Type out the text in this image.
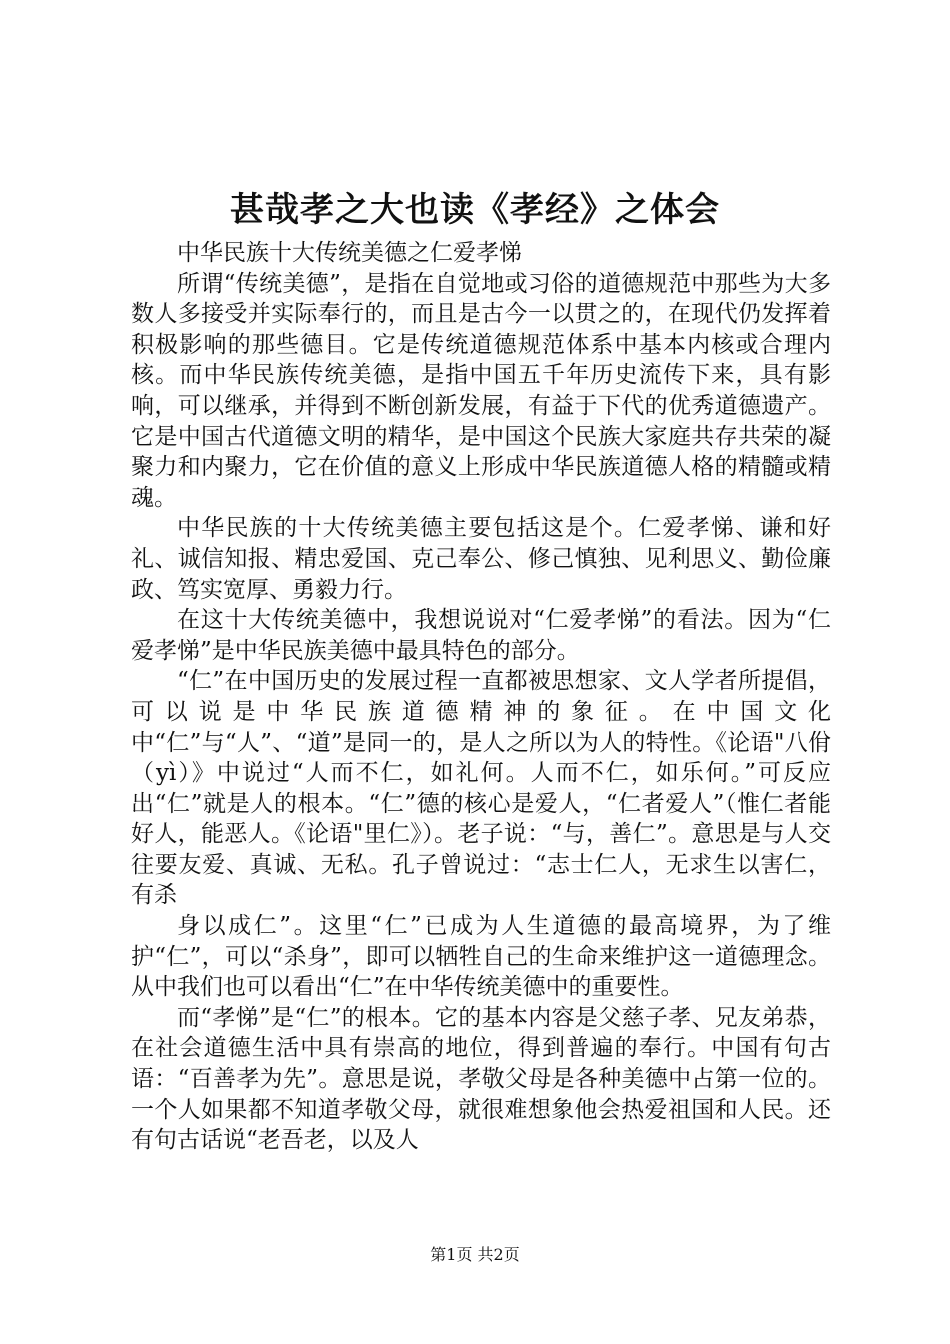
甚哉孝之大也读《孝经》之体会

中华民族十大传统美德之仁爱孝悌

所谓“传统美德”，是指在自觉地或习俗的道德规范中那些为大多数人多接受并实际奉行的，而且是古今一以贯之的，在现代仍发挥着积极影响的那些德目。它是传统道德规范体系中基本内核或合理内核。而中华民族传统美德，是指中国五千年历史流传下来，具有影响，可以继承，并得到不断创新发展，有益于下代的优秀道德遗产。它是中国古代道德文明的精华，是中国这个民族大家庭共存共荣的凝聚力和内聚力，它在价值的意义上形成中华民族道德人格的精髓或精魂。

中华民族的十大传统美德主要包括这是个。仁爱孝悌、谦和好礼、诚信知报、精忠爱国、克己奉公、修己慎独、见利思义、勤俭廉政、笃实宽厚、勇毅力行。

在这十大传统美德中，我想说说对“仁爱孝悌”的看法。因为“仁爱孝悌”是中华民族美德中最具特色的部分。

“仁”在中国历史的发展过程一直都被思想家、文人学者所提倡，可以说是中华民族道德精神的象征。在中国文化中“仁”与“人”、“道”是同一的，是人之所以为人的特性。《论语"八佾（yì）》中说过“人而不仁，如礼何。人而不仁，如乐何。”可反应出“仁”就是人的根本。“仁”德的核心是爱人，“仁者爱人”（惟仁者能好人，能恶人。《论语"里仁》）。老子说：“与，善仁”。意思是与人交往要友爱、真诚、无私。孔子曾说过：“志士仁人，无求生以害仁，有杀

身以成仁”。这里“仁”已成为人生道德的最高境界，为了维护“仁”，可以“杀身”，即可以牺牲自己的生命来维护这一道德理念。从中我们也可以看出“仁”在中华传统美德中的重要性。

而“孝悌”是“仁”的根本。它的基本内容是父慈子孝、兄友弟恭，在社会道德生活中具有崇高的地位，得到普遍的奉行。中国有句古语：“百善孝为先”。意思是说，孝敬父母是各种美德中占第一位的。一个人如果都不知道孝敬父母，就很难想象他会热爱祖国和人民。还有句古话说“老吾老，以及人

第1页 共2页
